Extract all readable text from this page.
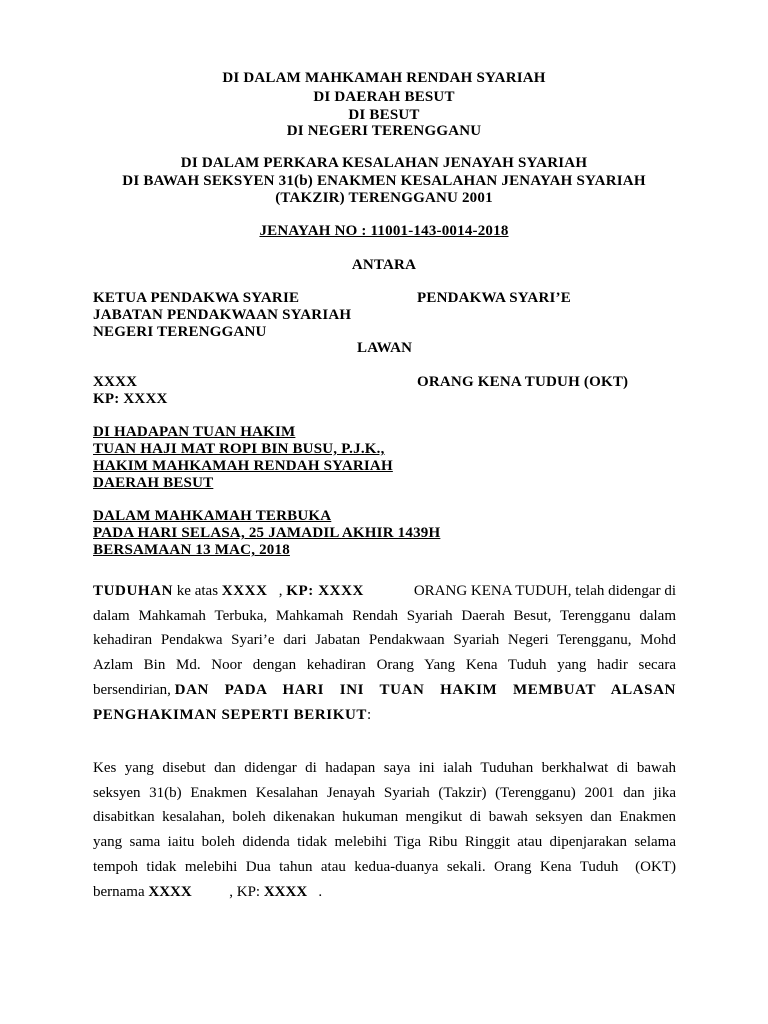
DI DALAM MAHKAMAH RENDAH SYARIAH
DI DAERAH BESUT
DI BESUT
DI NEGERI TERENGGANU
DI DALAM PERKARA KESALAHAN JENAYAH SYARIAH
DI BAWAH SEKSYEN 31(b) ENAKMEN KESALAHAN JENAYAH SYARIAH
(TAKZIR) TERENGGANU 2001
JENAYAH NO : 11001-143-0014-2018
ANTARA
KETUA PENDAKWA SYARIE	PENDAKWA SYARI’E
JABATAN PENDAKWAAN SYARIAH
NEGERI TERENGGANU
LAWAN
XXXX	ORANG KENA TUDUH (OKT)
KP: XXXX
DI HADAPAN TUAN HAKIM
TUAN HAJI MAT ROPI BIN BUSU, P.J.K.,
HAKIM MAHKAMAH RENDAH SYARIAH
DAERAH BESUT
DALAM MAHKAMAH TERBUKA
PADA HARI SELASA, 25 JAMADIL AKHIR 1439H
BERSAMAAN 13 MAC, 2018
TUDUHAN ke atas XXXX   , KP: XXXX	ORANG KENA TUDUH, telah didengar di
dalam Mahkamah Terbuka, Mahkamah Rendah Syariah Daerah Besut, Terengganu dalam
kehadiran Pendakwa Syari’e dari Jabatan Pendakwaan Syariah Negeri Terengganu, Mohd
Azlam Bin Md. Noor dengan kehadiran Orang Yang Kena Tuduh yang hadir secara
bersendirian, DAN PADA HARI INI TUAN HAKIM MEMBUAT ALASAN
PENGHAKIMAN SEPERTI BERIKUT:
Kes yang disebut dan didengar di hadapan saya ini ialah Tuduhan berkhalwat di bawah
seksyen 31(b) Enakmen Kesalahan Jenayah Syariah (Takzir) (Terengganu) 2001 dan jika
disabitkan kesalahan, boleh dikenakan hukuman mengikut di bawah seksyen dan Enakmen
yang sama iaitu boleh didenda tidak melebihi Tiga Ribu Ringgit atau dipenjarakan selama
tempoh tidak melebihi Dua tahun atau kedua-duanya sekali. Orang Kena Tuduh  (OKT)
bernama XXXX          , KP: XXXX   .
